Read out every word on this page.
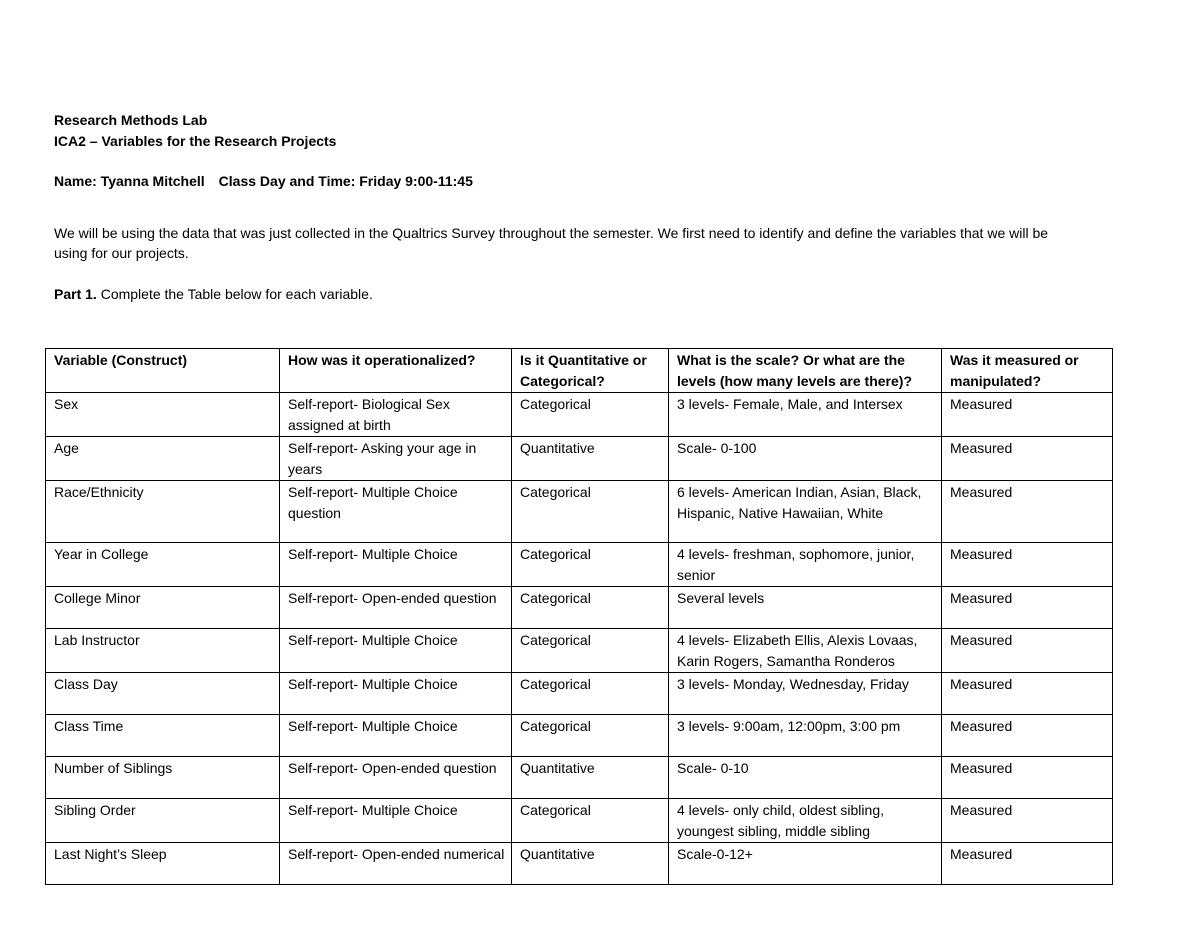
Research Methods Lab
ICA2 – Variables for the Research Projects
Name: Tyanna Mitchell Class Day and Time: Friday 9:00-11:45
We will be using the data that was just collected in the Qualtrics Survey throughout the semester. We first need to identify and define the variables that we will be using for our projects.
Part 1. Complete the Table below for each variable.
Variable (Construct)	How was it operationalized?	Is it Quantitative or Categorical?	What is the scale? Or what are the levels (how many levels are there)?	Was it measured or manipulated?
Sex	Self-report- Biological Sex assigned at birth	Categorical	3 levels- Female, Male, and Intersex	Measured
Age	Self-report- Asking your age in years	Quantitative	Scale- 0-100	Measured
Race/Ethnicity	Self-report- Multiple Choice question	Categorical	6 levels- American Indian, Asian, Black, Hispanic, Native Hawaiian, White	Measured
Year in College	Self-report- Multiple Choice	Categorical	4 levels- freshman, sophomore, junior, senior	Measured
College Minor	Self-report- Open-ended question	Categorical	Several levels	Measured
Lab Instructor	Self-report- Multiple Choice	Categorical	4 levels- Elizabeth Ellis, Alexis Lovaas, Karin Rogers, Samantha Ronderos	Measured
Class Day	Self-report- Multiple Choice	Categorical	3 levels- Monday, Wednesday, Friday	Measured
Class Time	Self-report- Multiple Choice	Categorical	3 levels- 9:00am, 12:00pm, 3:00 pm	Measured
Number of Siblings	Self-report- Open-ended question	Quantitative	Scale- 0-10	Measured
Sibling Order	Self-report- Multiple Choice	Categorical	4 levels- only child, oldest sibling, youngest sibling, middle sibling	Measured
Last Night’s Sleep	Self-report- Open-ended numerical	Quantitative	Scale-0-12+	Measured
